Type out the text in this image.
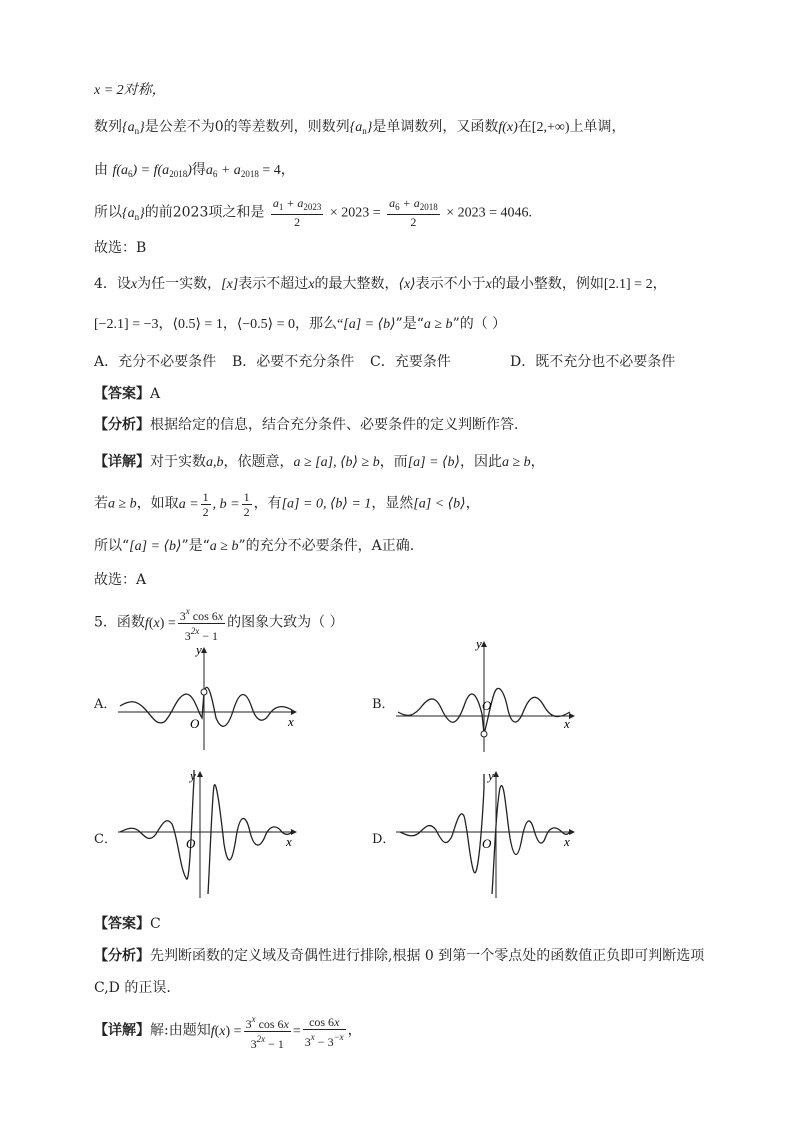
x = 2对称，
数列$\{a_n\}$是公差不为0的等差数列，则数列$\{a_n\}$是单调数列，又函数f(x)在[2,+∞)上单调，
由 $f(a_6) = f(a_{2018})$得$a_6 + a_{2018} = 4$，
所以$\{a_n\}$的前2023项之和是 $\frac{a_1 + a_{2023}}{2} \times 2023 = \frac{a_6 + a_{2018}}{2} \times 2023 = 4046$.
故选：B
4．设x为任一实数，[x]表示不超过x的最大整数，⟨x⟩表示不小于x的最小整数，例如[2.1] = 2，
[−2.1] = −3，⟨0.5⟩ = 1，⟨−0.5⟩ = 0，那么“[a] = ⟨b⟩”是“a ≥ b”的（ ）
A．充分不必要条件 B．必要不充分条件 C．充要条件	D．既不充分也不必要条件
【答案】A
【分析】根据给定的信息，结合充分条件、必要条件的定义判断作答.
【详解】对于实数a,b，依题意，a ≥ [a], ⟨b⟩ ≥ b，而[a] = ⟨b⟩，因此a ≥ b，
若a ≥ b，如取$a = \frac{1}{2}$ , $b = \frac{1}{2}$ ，有[a] = 0, ⟨b⟩ = 1，显然[a] < ⟨b⟩，
所以“[a] = ⟨b⟩”是“a ≥ b”的充分不必要条件，A正确.
故选：A
5．函数$f(x) = \frac{3^x \cos 6x}{3^{2x} - 1}$ 的图象大致为（ ）
A．	B．
C．	D．
y
x
O
y
x
O
y
x
O
y
x
O
【答案】C
【分析】先判断函数的定义域及奇偶性进行排除,根据 0 到第一个零点处的函数值正负即可判断选项
C,D 的正误.
【详解】解:由题知$f(x) = \frac{3^x \cos 6x}{3^{2x} - 1} = \frac{\cos 6x}{3^x - 3^{-x}}$ ，
